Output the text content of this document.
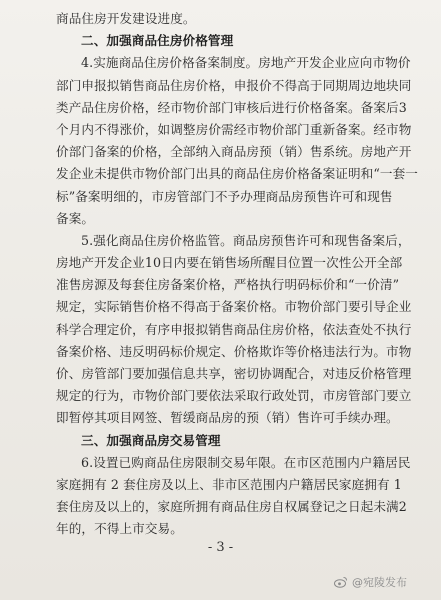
商品住房开发建设进度。
二、加强商品住房价格管理
4.实施商品住房价格备案制度。房地产开发企业应向市物价
部门申报拟销售商品住房价格，申报价不得高于同期周边地块同
类产品住房价格，经市物价部门审核后进行价格备案。备案后3
个月内不得涨价，如调整房价需经市物价部门重新备案。经市物
价部门备案的价格，全部纳入商品房预（销）售系统。房地产开
发企业未提供市物价部门出具的商品住房价格备案证明和“一套一
标”备案明细的，市房管部门不予办理商品房预售许可和现售
备案。
5.强化商品住房价格监管。商品房预售许可和现售备案后，
房地产开发企业10日内要在销售场所醒目位置一次性公开全部
准售房源及每套住房备案价格，严格执行明码标价和“一价清”
规定，实际销售价格不得高于备案价格。市物价部门要引导企业
科学合理定价，有序申报拟销售商品住房价格，依法查处不执行
备案价格、违反明码标价规定、价格欺诈等价格违法行为。市物
价、房管部门要加强信息共享，密切协调配合，对违反价格管理
规定的行为，市物价部门要依法采取行政处罚，市房管部门要立
即暂停其项目网签、暂缓商品房的预（销）售许可手续办理。
三、加强商品房交易管理
6.设置已购商品住房限制交易年限。在市区范围内户籍居民
家庭拥有 2 套住房及以上、非市区范围内户籍居民家庭拥有 1
套住房及以上的，家庭所拥有商品住房自权属登记之日起未满2
年的，不得上市交易。
- 3 -
@宛陵发布
